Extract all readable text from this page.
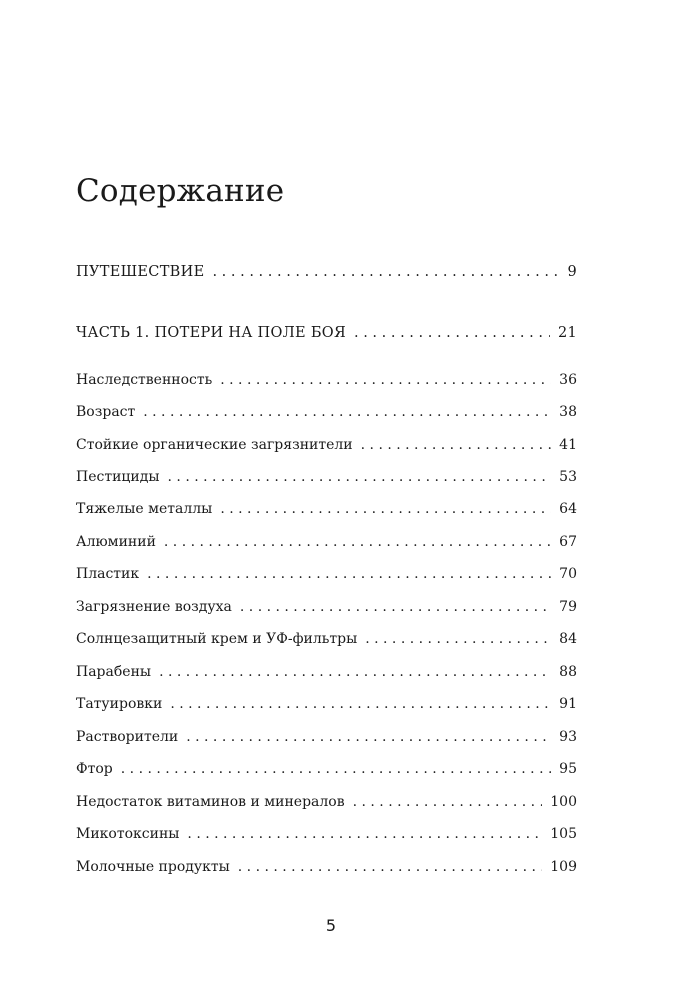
Содержание
ПУТЕШЕСТВИЕ . . .	9
ЧАСТЬ 1. ПОТЕРИ НА ПОЛЕ БОЯ . . .	21
Наследственность . . .	36
Возраст . . .	38
Стойкие органические загрязнители . . .	41
Пестициды . . .	53
Тяжелые металлы . . .	64
Алюминий . . .	67
Пластик . . .	70
Загрязнение воздуха . . .	79
Солнцезащитный крем и УФ-фильтры . . .	84
Парабены . . .	88
Татуировки . . .	91
Растворители . . .	93
Фтор . . .	95
Недостаток витаминов и минералов . . .	100
Микотоксины . . .	105
Молочные продукты . . .	109
5
